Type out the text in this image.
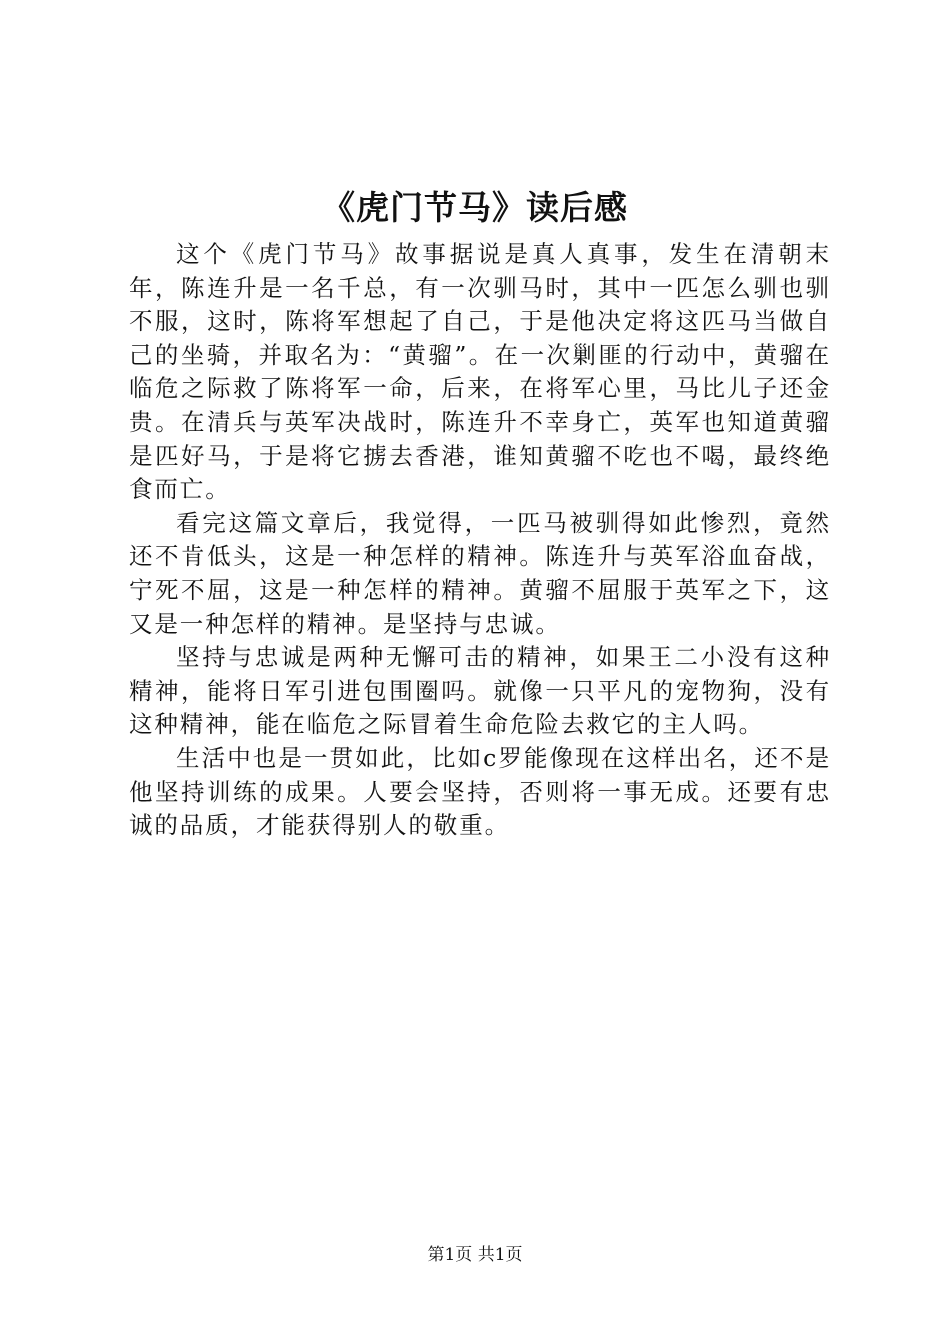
《虎门节马》读后感

这个《虎门节马》故事据说是真人真事，发生在清朝末年，陈连升是一名千总，有一次驯马时，其中一匹怎么驯也驯不服，这时，陈将军想起了自己，于是他决定将这匹马当做自己的坐骑，并取名为：“黄骝”。在一次剿匪的行动中，黄骝在临危之际救了陈将军一命，后来，在将军心里，马比儿子还金贵。在清兵与英军决战时，陈连升不幸身亡，英军也知道黄骝是匹好马，于是将它掳去香港，谁知黄骝不吃也不喝，最终绝食而亡。

看完这篇文章后，我觉得，一匹马被驯得如此惨烈，竟然还不肯低头，这是一种怎样的精神。陈连升与英军浴血奋战，宁死不屈，这是一种怎样的精神。黄骝不屈服于英军之下，这又是一种怎样的精神。是坚持与忠诚。

坚持与忠诚是两种无懈可击的精神，如果王二小没有这种精神，能将日军引进包围圈吗。就像一只平凡的宠物狗，没有这种精神，能在临危之际冒着生命危险去救它的主人吗。

生活中也是一贯如此，比如c罗能像现在这样出名，还不是他坚持训练的成果。人要会坚持，否则将一事无成。还要有忠诚的品质，才能获得别人的敬重。

第1页 共1页
